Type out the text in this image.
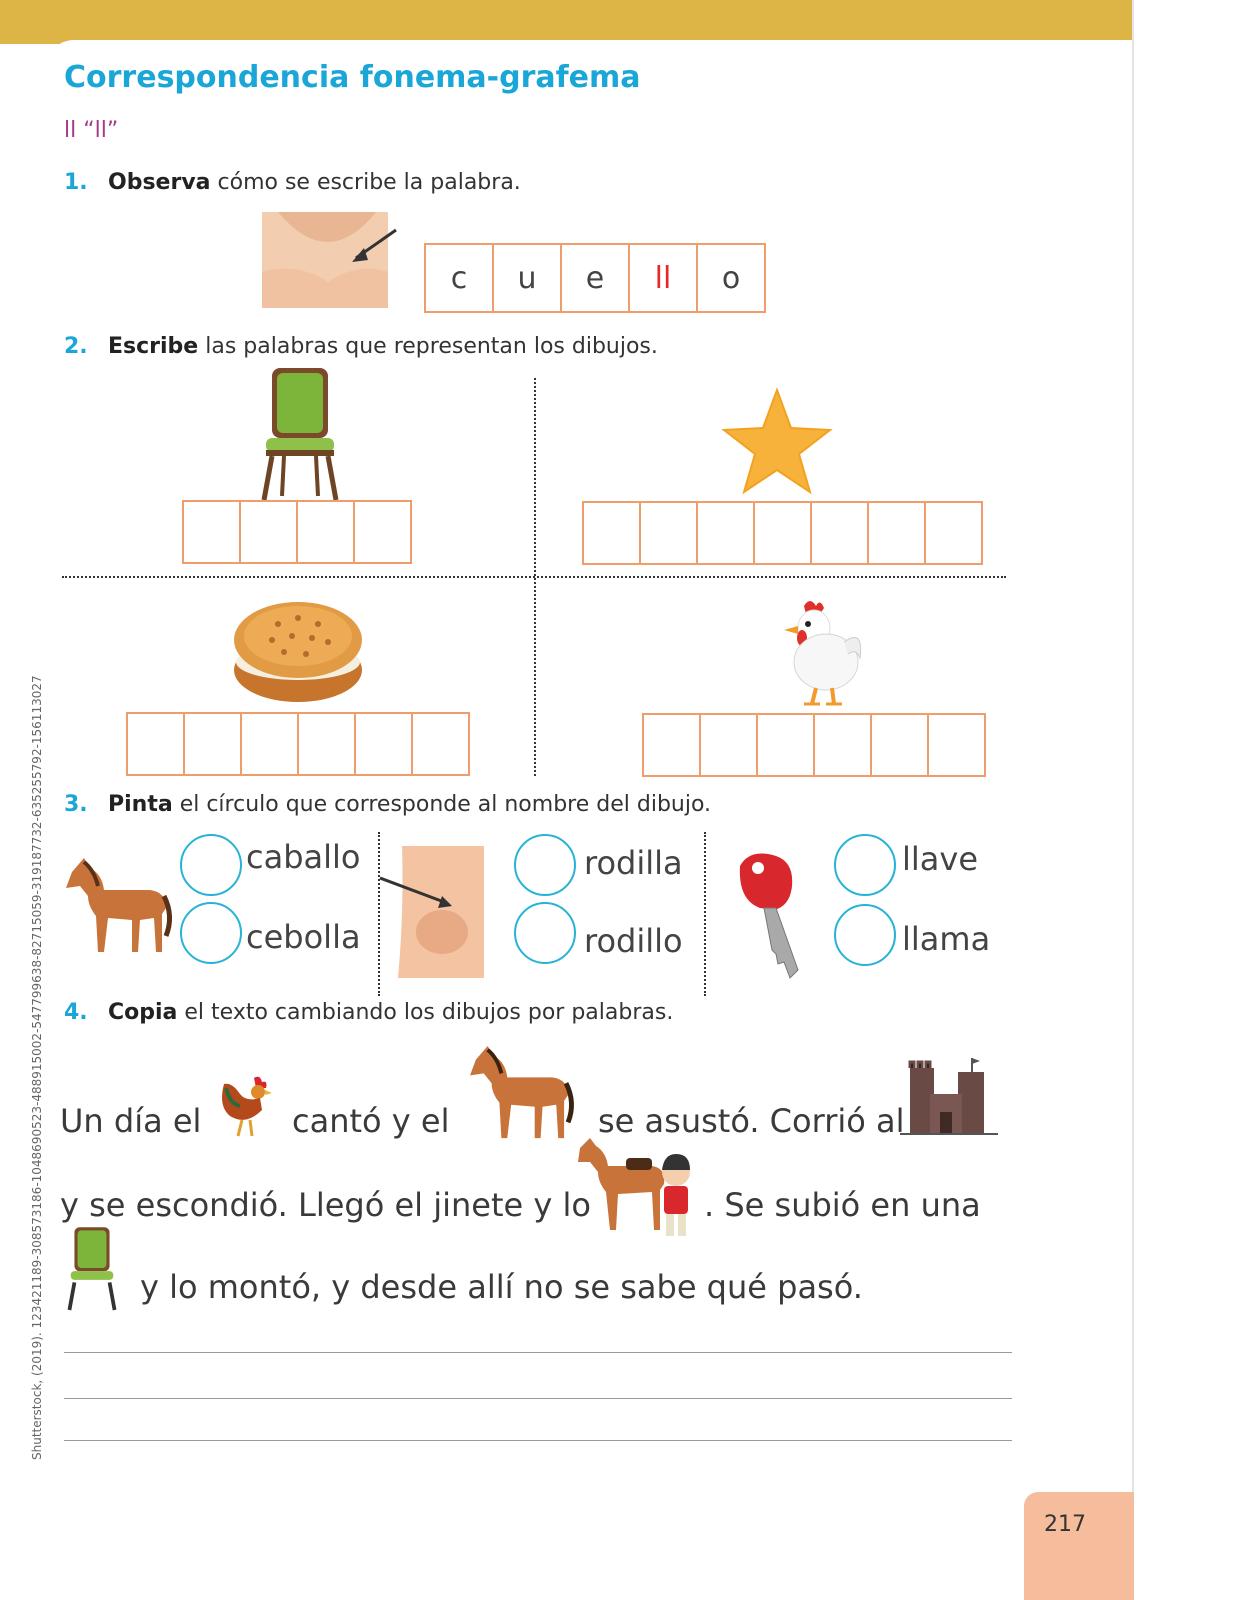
Correspondencia fonema-grafema
ll “ll”
1. Observa cómo se escribe la palabra.
c	u	e	ll	o
2. Escribe las palabras que representan los dibujos.
3. Pinta el círculo que corresponde al nombre del dibujo.
caballo
cebolla
rodilla
rodillo
llave
llama
4. Copia el texto cambiando los dibujos por palabras.
Un día el	cantó y el	se asustó. Corrió al
y se escondió. Llegó el jinete y lo	. Se subió en una
y lo montó, y desde allí no se sabe qué pasó.
Shutterstock, (2019). 123421189-308573186-1048690523-488915002-547799638-82715059-319187732-635255792-156113027
217
